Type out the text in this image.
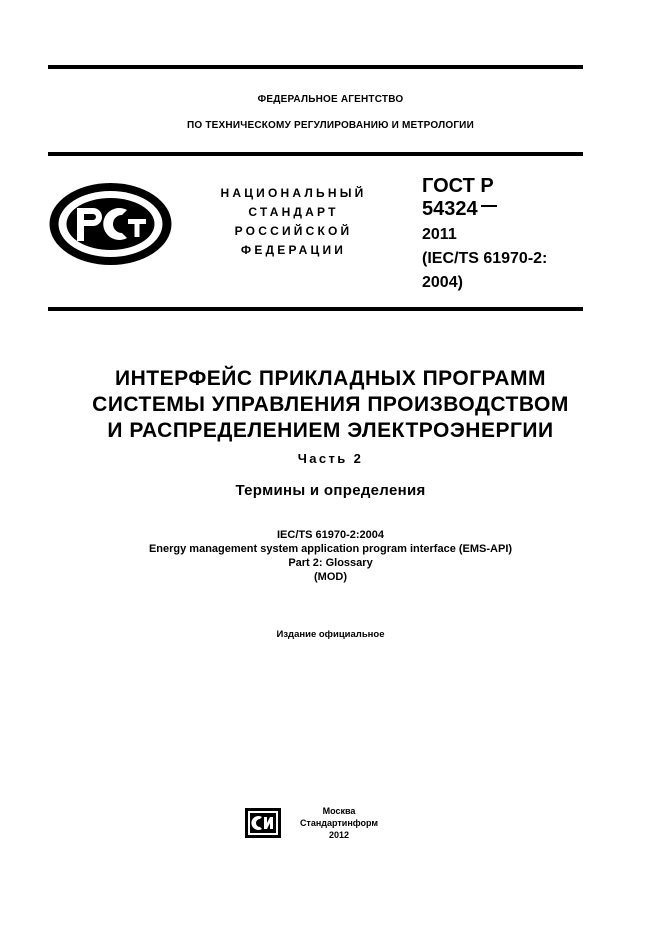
ФЕДЕРАЛЬНОЕ АГЕНТСТВО
ПО ТЕХНИЧЕСКОМУ РЕГУЛИРОВАНИЮ И МЕТРОЛОГИИ
НАЦИОНАЛЬНЫЙ
СТАНДАРТ
РОССИЙСКОЙ
ФЕДЕРАЦИИ
ГОСТ Р
54324
2011
(IEC/TS 61970-2:
2004)
ИНТЕРФЕЙС ПРИКЛАДНЫХ ПРОГРАММ
СИСТЕМЫ УПРАВЛЕНИЯ ПРОИЗВОДСТВОМ
И РАСПРЕДЕЛЕНИЕМ ЭЛЕКТРОЭНЕРГИИ
Часть 2
Термины и определения
IEC/TS 61970-2:2004
Energy management system application program interface (EMS-API)
Part 2: Glossary
(MOD)
Издание официальное
Москва
Стандартинформ
2012
